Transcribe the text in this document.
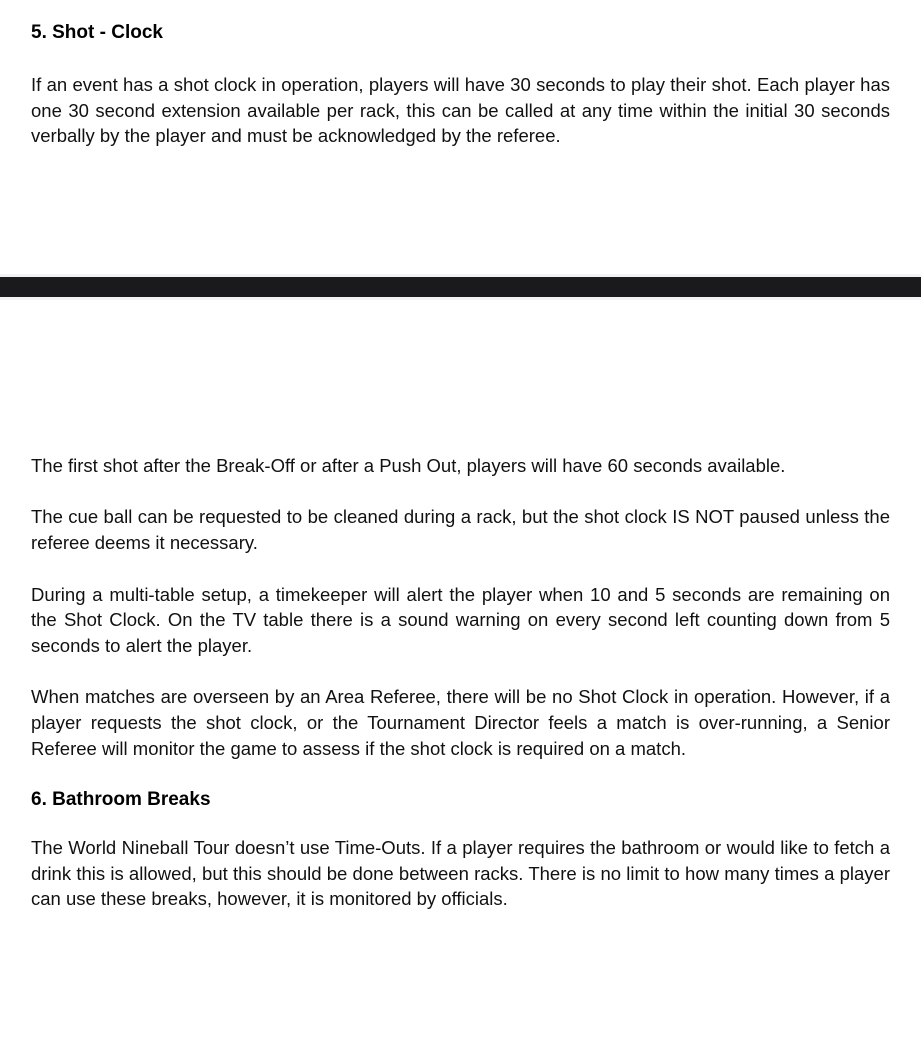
5. Shot - Clock

If an event has a shot clock in operation, players will have 30 seconds to play their shot. Each player has one 30 second extension available per rack, this can be called at any time within the initial 30 seconds verbally by the player and must be acknowledged by the referee.

The first shot after the Break-Off or after a Push Out, players will have 60 seconds available.

The cue ball can be requested to be cleaned during a rack, but the shot clock IS NOT paused unless the referee deems it necessary.

During a multi-table setup, a timekeeper will alert the player when 10 and 5 seconds are remaining on the Shot Clock. On the TV table there is a sound warning on every second left counting down from 5 seconds to alert the player.

When matches are overseen by an Area Referee, there will be no Shot Clock in operation. However, if a player requests the shot clock, or the Tournament Director feels a match is over-running, a Senior Referee will monitor the game to assess if the shot clock is required on a match.

6. Bathroom Breaks

The World Nineball Tour doesn’t use Time-Outs. If a player requires the bathroom or would like to fetch a drink this is allowed, but this should be done between racks. There is no limit to how many times a player can use these breaks, however, it is monitored by officials.
